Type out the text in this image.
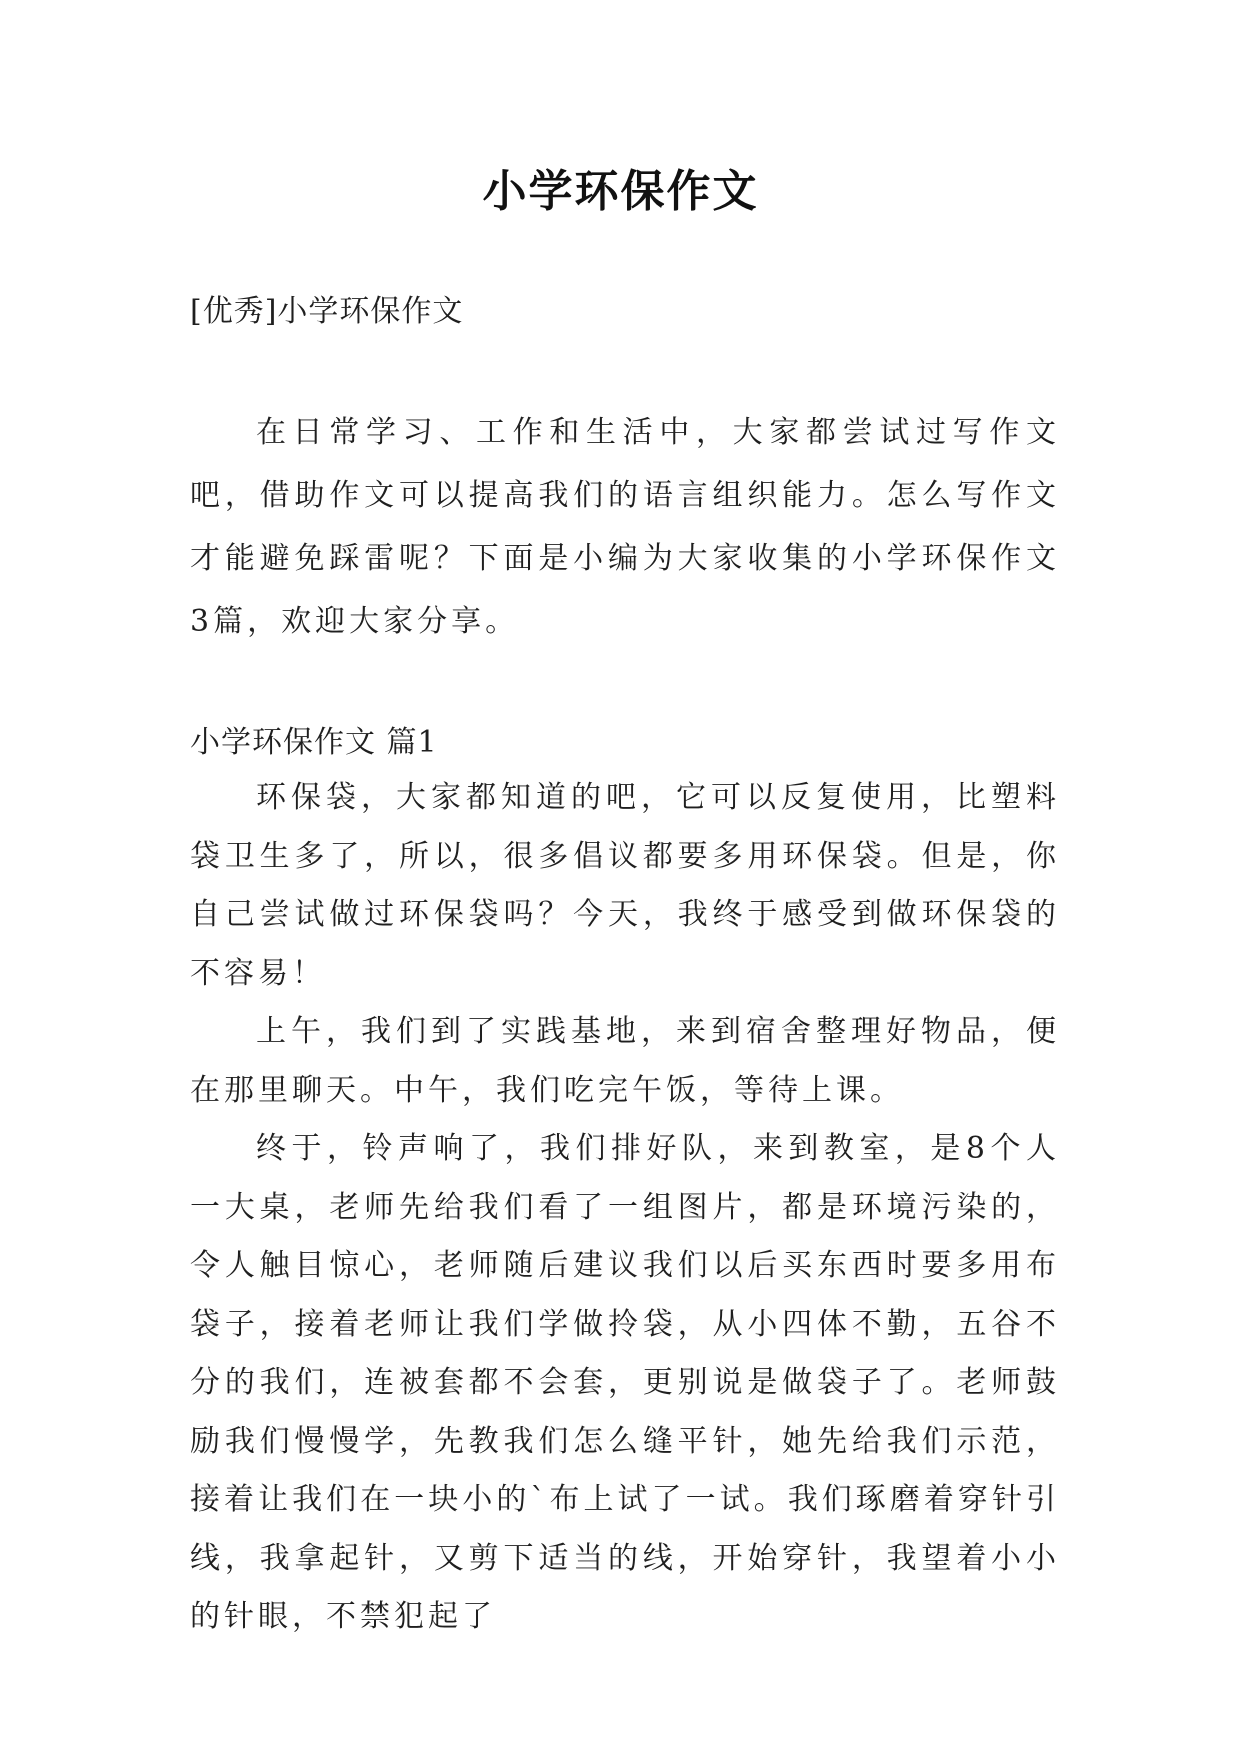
小学环保作文

[优秀]小学环保作文

在日常学习、工作和生活中，大家都尝试过写作文吧，借助作文可以提高我们的语言组织能力。怎么写作文才能避免踩雷呢？下面是小编为大家收集的小学环保作文3篇，欢迎大家分享。

小学环保作文 篇1

环保袋，大家都知道的吧，它可以反复使用，比塑料袋卫生多了，所以，很多倡议都要多用环保袋。但是，你自己尝试做过环保袋吗？今天，我终于感受到做环保袋的不容易！

上午，我们到了实践基地，来到宿舍整理好物品，便在那里聊天。中午，我们吃完午饭，等待上课。

终于，铃声响了，我们排好队，来到教室，是8个人一大桌，老师先给我们看了一组图片，都是环境污染的，令人触目惊心，老师随后建议我们以后买东西时要多用布袋子，接着老师让我们学做拎袋，从小四体不勤，五谷不分的我们，连被套都不会套，更别说是做袋子了。老师鼓励我们慢慢学，先教我们怎么缝平针，她先给我们示范，接着让我们在一块小的`布上试了一试。我们琢磨着穿针引线，我拿起针，又剪下适当的线，开始穿针，我望着小小的针眼，不禁犯起了
